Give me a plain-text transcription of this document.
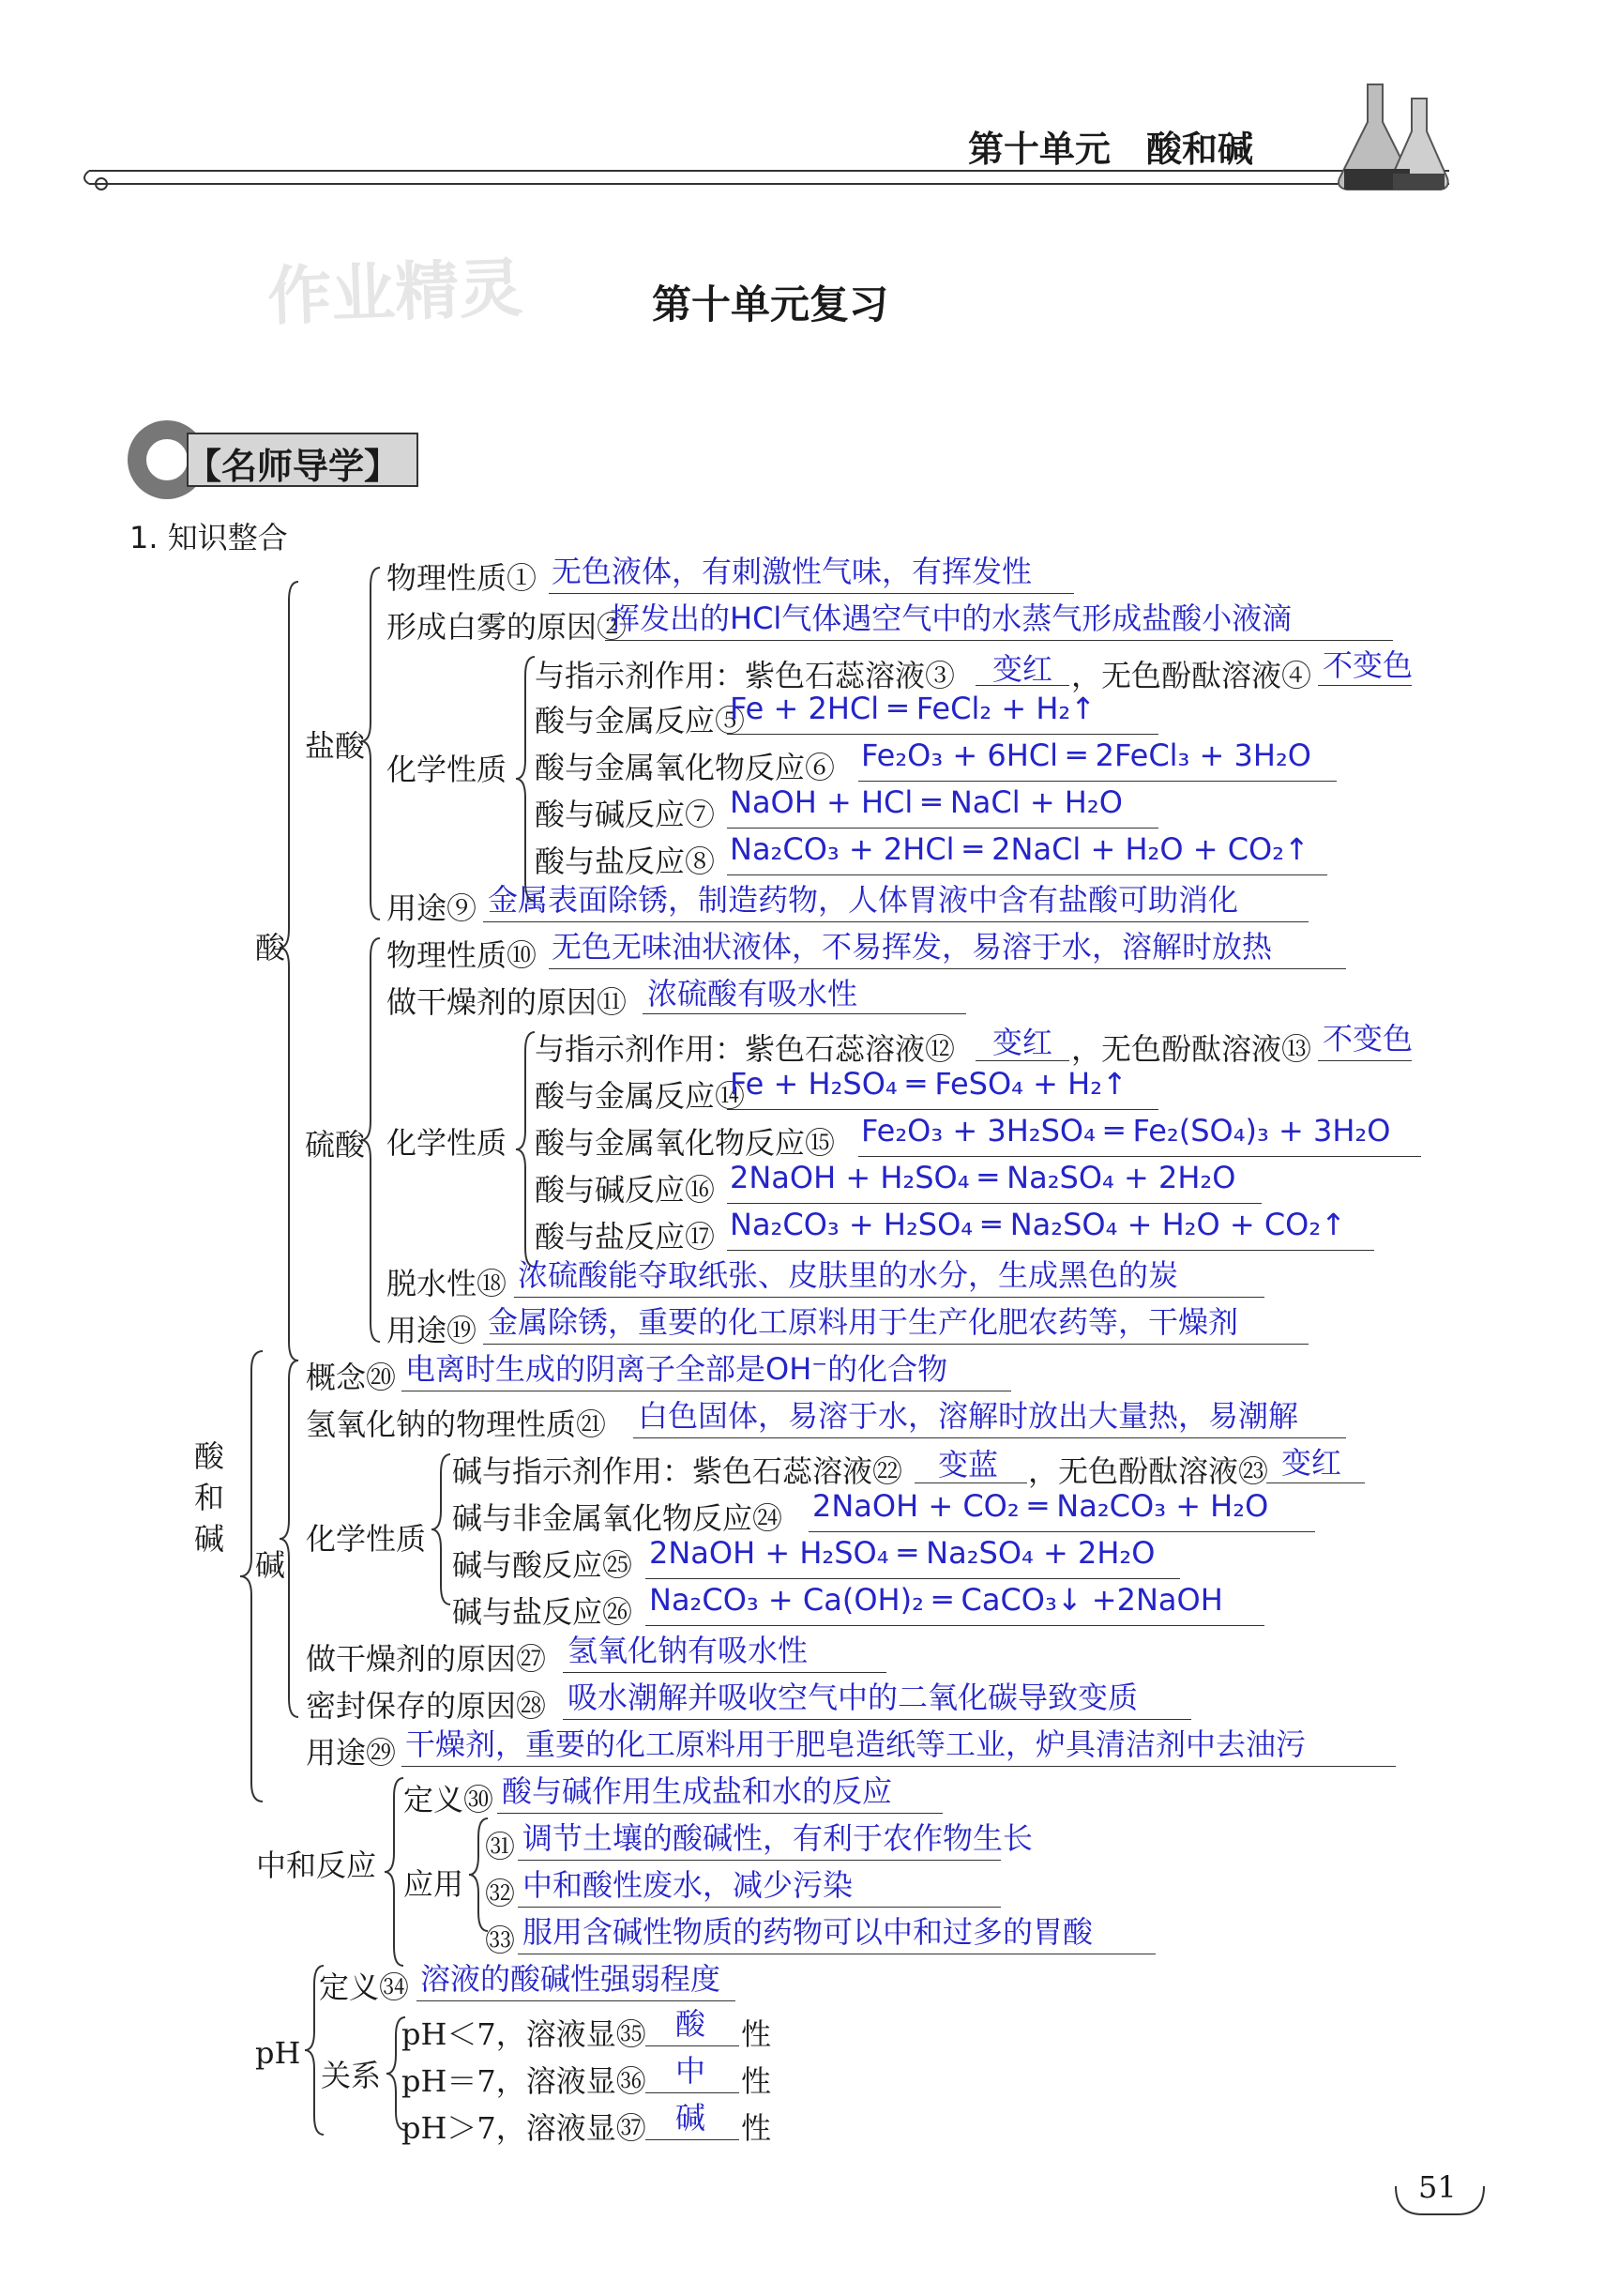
第十单元　酸和碱
作业精灵	第十单元复习
【名师导学】
1. 知识整合
酸和碱
酸
盐酸
硫酸
化学性质
化学性质
碱
化学性质
中和反应
应用
pH
关系
物理性质① 无色液体，有刺激性气味，有挥发性
形成白雾的原因②
挥发出的HCl气体遇空气中的水蒸气形成盐酸小液滴
与指示剂作用：紫色石蕊溶液③ 变红 ，无色酚酞溶液④ 不变色
酸与金属反应⑤
Fe + 2HCl ═ FeCl₂ + H₂↑
酸与金属氧化物反应⑥ Fe₂O₃ + 6HCl ═ 2FeCl₃ + 3H₂O
酸与碱反应⑦ NaOH + HCl ═ NaCl + H₂O
酸与盐反应⑧ Na₂CO₃ + 2HCl ═ 2NaCl + H₂O + CO₂↑
用途⑨ 金属表面除锈，制造药物，人体胃液中含有盐酸可助消化
物理性质⑩ 无色无味油状液体，不易挥发，易溶于水，溶解时放热
做干燥剂的原因⑪ 浓硫酸有吸水性
与指示剂作用：紫色石蕊溶液⑫ 变红 ，无色酚酞溶液⑬ 不变色
酸与金属反应⑭
Fe + H₂SO₄ ═ FeSO₄ + H₂↑
酸与金属氧化物反应⑮ Fe₂O₃ + 3H₂SO₄ ═ Fe₂(SO₄)₃ + 3H₂O
酸与碱反应⑯ 2NaOH + H₂SO₄ ═ Na₂SO₄ + 2H₂O
酸与盐反应⑰ Na₂CO₃ + H₂SO₄ ═ Na₂SO₄ + H₂O + CO₂↑
脱水性⑱ 浓硫酸能夺取纸张、皮肤里的水分，生成黑色的炭
用途⑲ 金属除锈，重要的化工原料用于生产化肥农药等，干燥剂
概念⑳ 电离时生成的阴离子全部是OH⁻的化合物
氢氧化钠的物理性质㉑ 白色固体，易溶于水，溶解时放出大量热，易潮解
碱与指示剂作用：紫色石蕊溶液㉒ 变蓝 ，无色酚酞溶液㉓ 变红
碱与非金属氧化物反应㉔ 2NaOH + CO₂ ═ Na₂CO₃ + H₂O
碱与酸反应㉕ 2NaOH + H₂SO₄ ═ Na₂SO₄ + 2H₂O
碱与盐反应㉖ Na₂CO₃ + Ca(OH)₂ ═ CaCO₃↓ +2NaOH
做干燥剂的原因㉗ 氢氧化钠有吸水性
密封保存的原因㉘ 吸水潮解并吸收空气中的二氧化碳导致变质
用途㉙ 干燥剂，重要的化工原料用于肥皂造纸等工业，炉具清洁剂中去油污
定义㉚ 酸与碱作用生成盐和水的反应
㉛ 调节土壤的酸碱性，有利于农作物生长
㉜ 中和酸性废水，减少污染
㉝ 服用含碱性物质的药物可以中和过多的胃酸
定义㉞ 溶液的酸碱性强弱程度
pH＜7，溶液显㉟ 酸 性
pH＝7，溶液显㊱ 中 性
pH＞7，溶液显㊲ 碱 性
51
